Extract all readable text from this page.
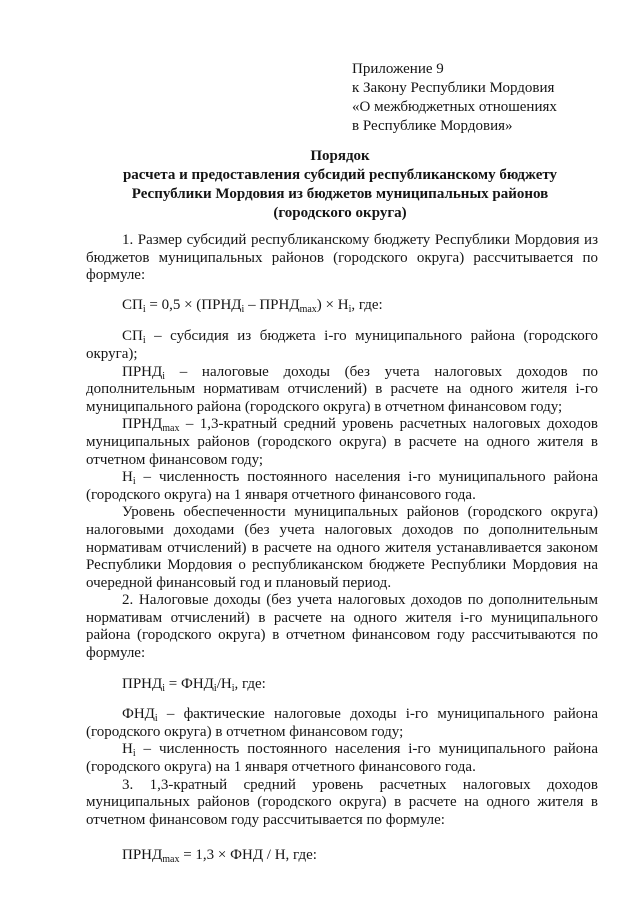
Приложение 9
к Закону Республики Мордовия
«О межбюджетных отношениях
в Республике Мордовия»
Порядок
расчета и предоставления субсидий республиканскому бюджету
Республики Мордовия из бюджетов муниципальных районов
(городского округа)

1. Размер субсидий республиканскому бюджету Республики Мордовия из бюджетов муниципальных районов (городского округа) рассчитывается по формуле:

$СП_i = 0,5$ × ($ПРНД_i$ – $ПРНД_{max}) \times Н_i$, где:

$СП_i$ – субсидия из бюджета i-го муниципального района (городского округа);

$ПРНД_i$ – налоговые доходы (без учета налоговых доходов по дополнительным нормативам отчислений) в расчете на одного жителя i-го муниципального района (городского округа) в отчетном финансовом году;

$ПРНД_{max}$ – 1,3-кратный средний уровень расчетных налоговых доходов муниципальных районов (городского округа) в расчете на одного жителя в отчетном финансовом году;

$Н_i$ – численность постоянного населения i-го муниципального района (городского округа) на 1 января отчетного финансового года.

Уровень обеспеченности муниципальных районов (городского округа) налоговыми доходами (без учета налоговых доходов по дополнительным нормативам отчислений) в расчете на одного жителя устанавливается законом Республики Мордовия о республиканском бюджете Республики Мордовия на очередной финансовый год и плановый период.

2. Налоговые доходы (без учета налоговых доходов по дополнительным нормативам отчислений) в расчете на одного жителя i-го муниципального района (городского округа) в отчетном финансовом году рассчитываются по формуле:

$ПРНД_i = ФНД_i/Н_i$, где:

$ФНД_i$ – фактические налоговые доходы i-го муниципального района (городского округа) в отчетном финансовом году;

$Н_i$ – численность постоянного населения i-го муниципального района (городского округа) на 1 января отчетного финансового года.

3. 1,3-кратный средний уровень расчетных налоговых доходов муниципальных районов (городского округа) в расчете на одного жителя в отчетном финансовом году рассчитывается по формуле:

$ПРНД_{max} = 1,3$ × ФНД / Н, где:
